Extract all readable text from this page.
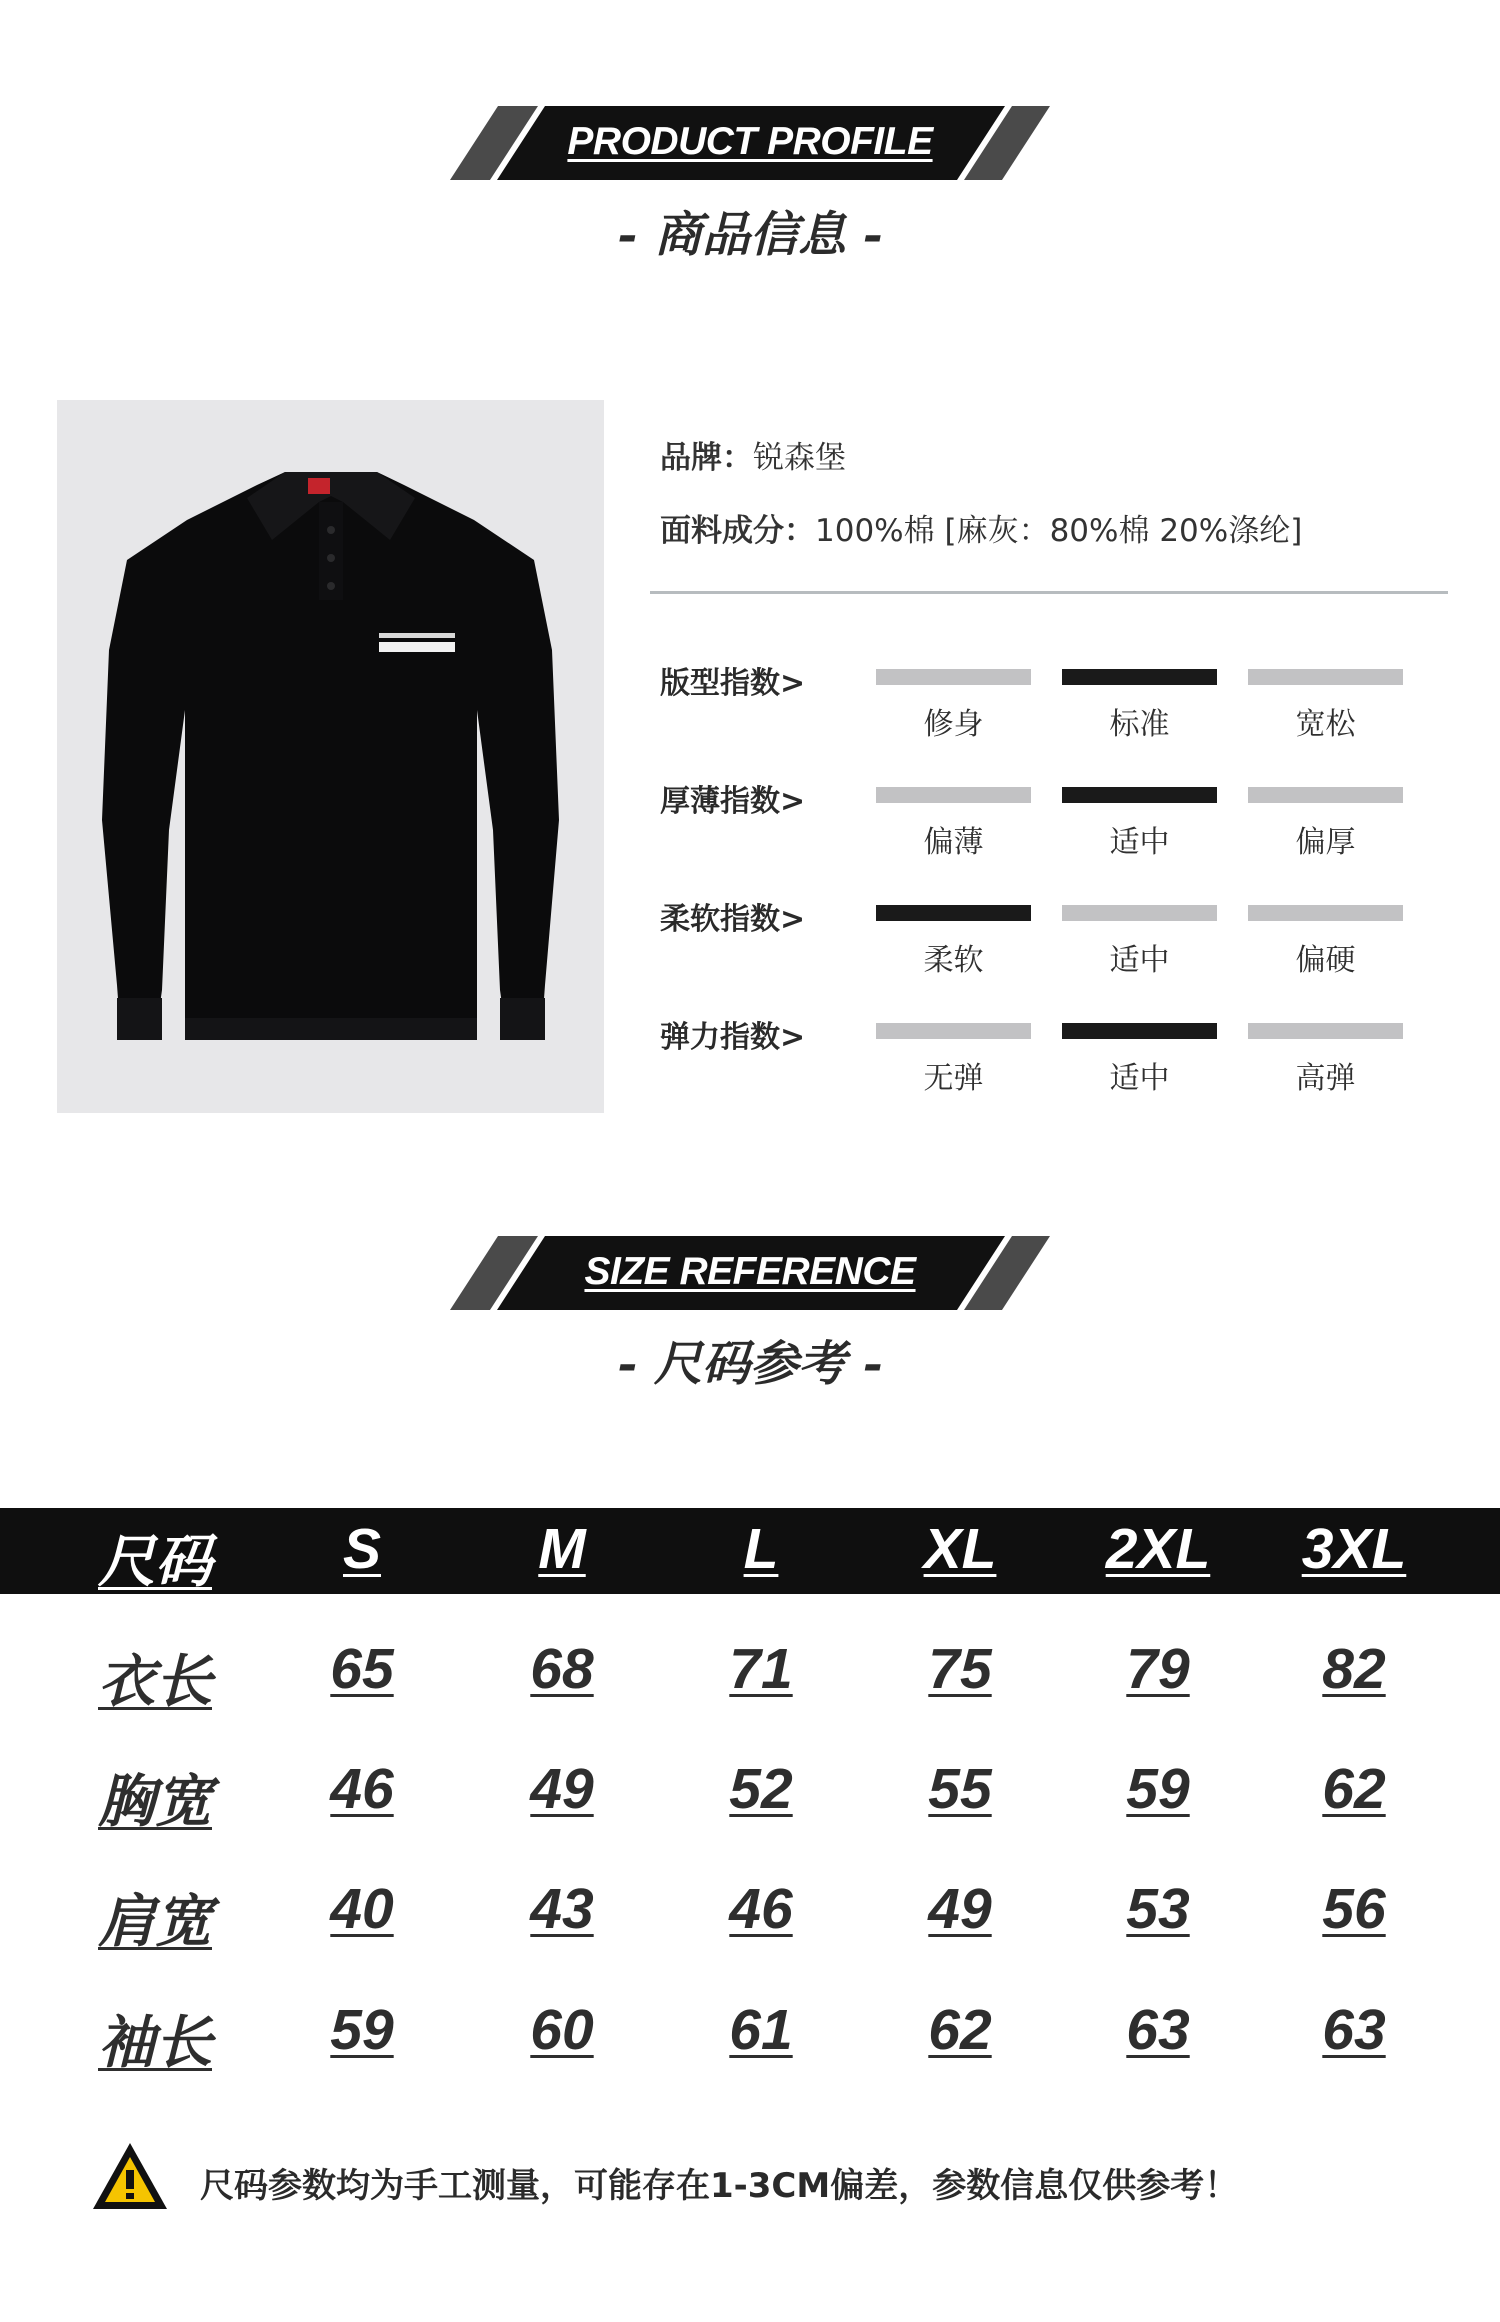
PRODUCT PROFILE
- 商品信息 -
品牌：锐森堡
面料成分：100%棉 [麻灰：80%棉 20%涤纶]
版型指数>
修身	标准	宽松
厚薄指数>
偏薄	适中	偏厚
柔软指数>
柔软	适中	偏硬
弹力指数>
无弹	适中	高弹
SIZE REFERENCE
- 尺码参考 -
尺码	S	M	L	XL	2XL	3XL
衣长	65	68	71	75	79	82
胸宽	46	49	52	55	59	62
肩宽	40	43	46	49	53	56
袖长	59	60	61	62	63	63
尺码参数均为手工测量，可能存在1-3CM偏差，参数信息仅供参考！
